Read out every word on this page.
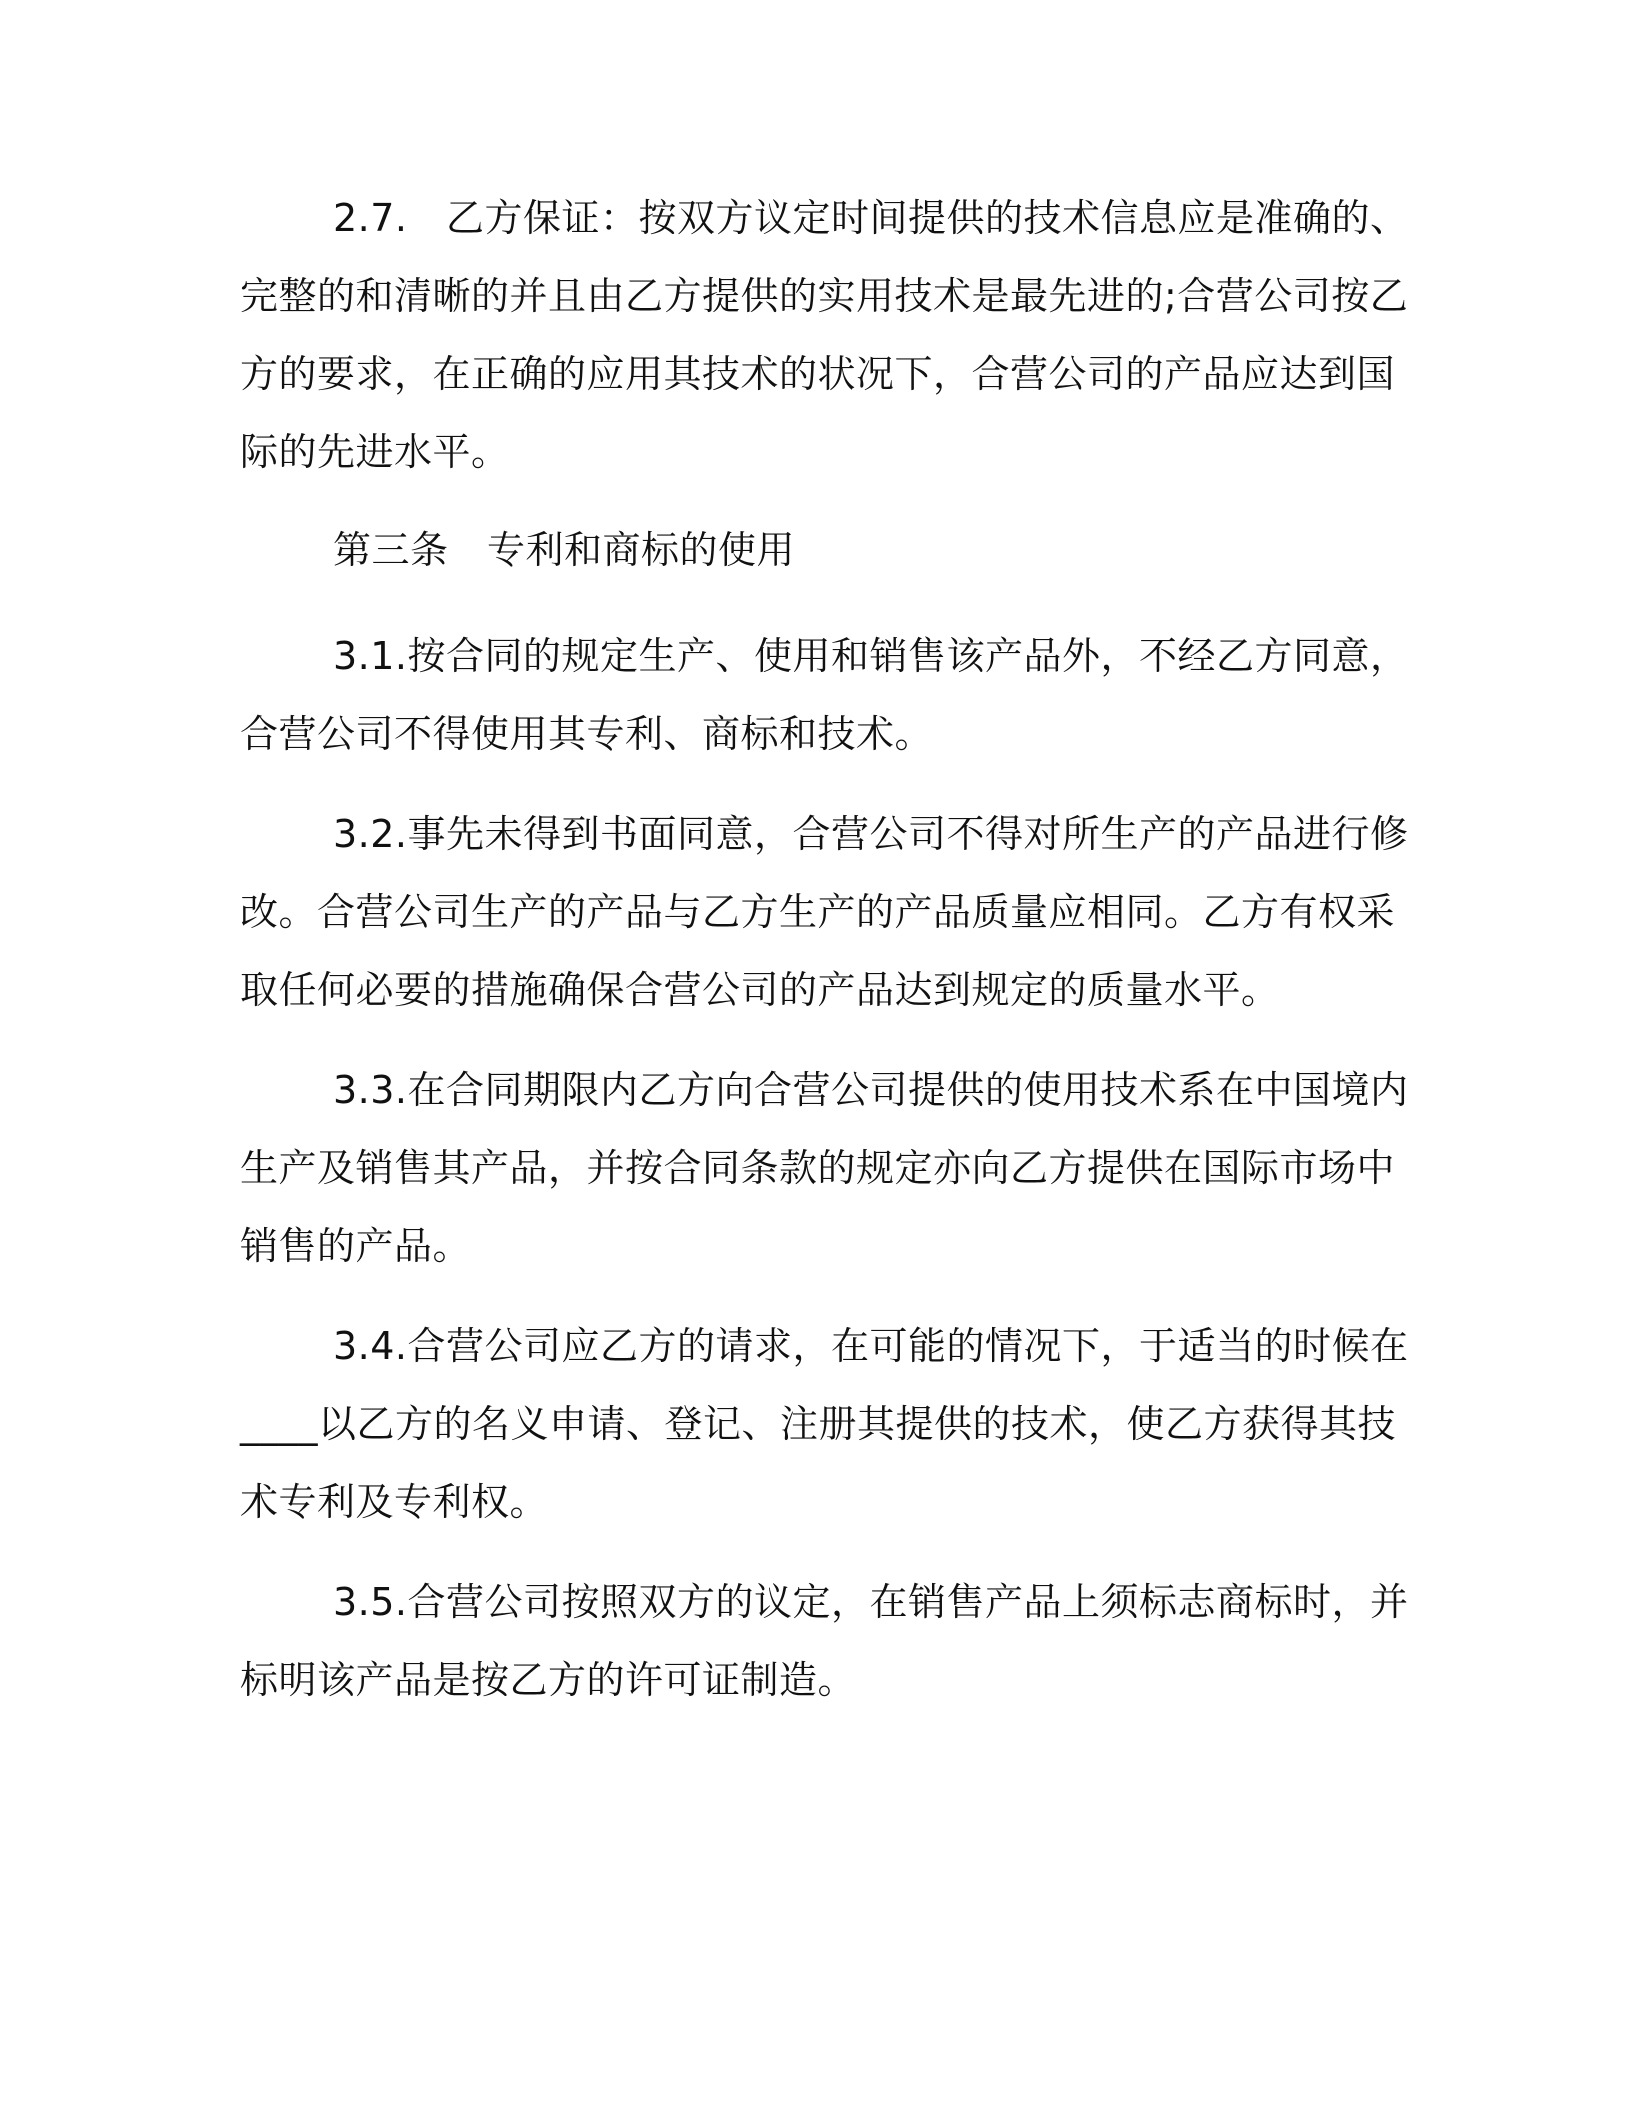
2.7.　乙方保证：按双方议定时间提供的技术信息应是准确的、
完整的和清晰的并且由乙方提供的实用技术是最先进的;合营公司按乙
方的要求，在正确的应用其技术的状况下，合营公司的产品应达到国
际的先进水平。
第三条　专利和商标的使用
3.1.按合同的规定生产、使用和销售该产品外，不经乙方同意，
合营公司不得使用其专利、商标和技术。
3.2.事先未得到书面同意，合营公司不得对所生产的产品进行修
改。合营公司生产的产品与乙方生产的产品质量应相同。乙方有权采
取任何必要的措施确保合营公司的产品达到规定的质量水平。
3.3.在合同期限内乙方向合营公司提供的使用技术系在中国境内
生产及销售其产品，并按合同条款的规定亦向乙方提供在国际市场中
销售的产品。
3.4.合营公司应乙方的请求，在可能的情况下，于适当的时候在
____以乙方的名义申请、登记、注册其提供的技术，使乙方获得其技
术专利及专利权。
3.5.合营公司按照双方的议定，在销售产品上须标志商标时，并
标明该产品是按乙方的许可证制造。
